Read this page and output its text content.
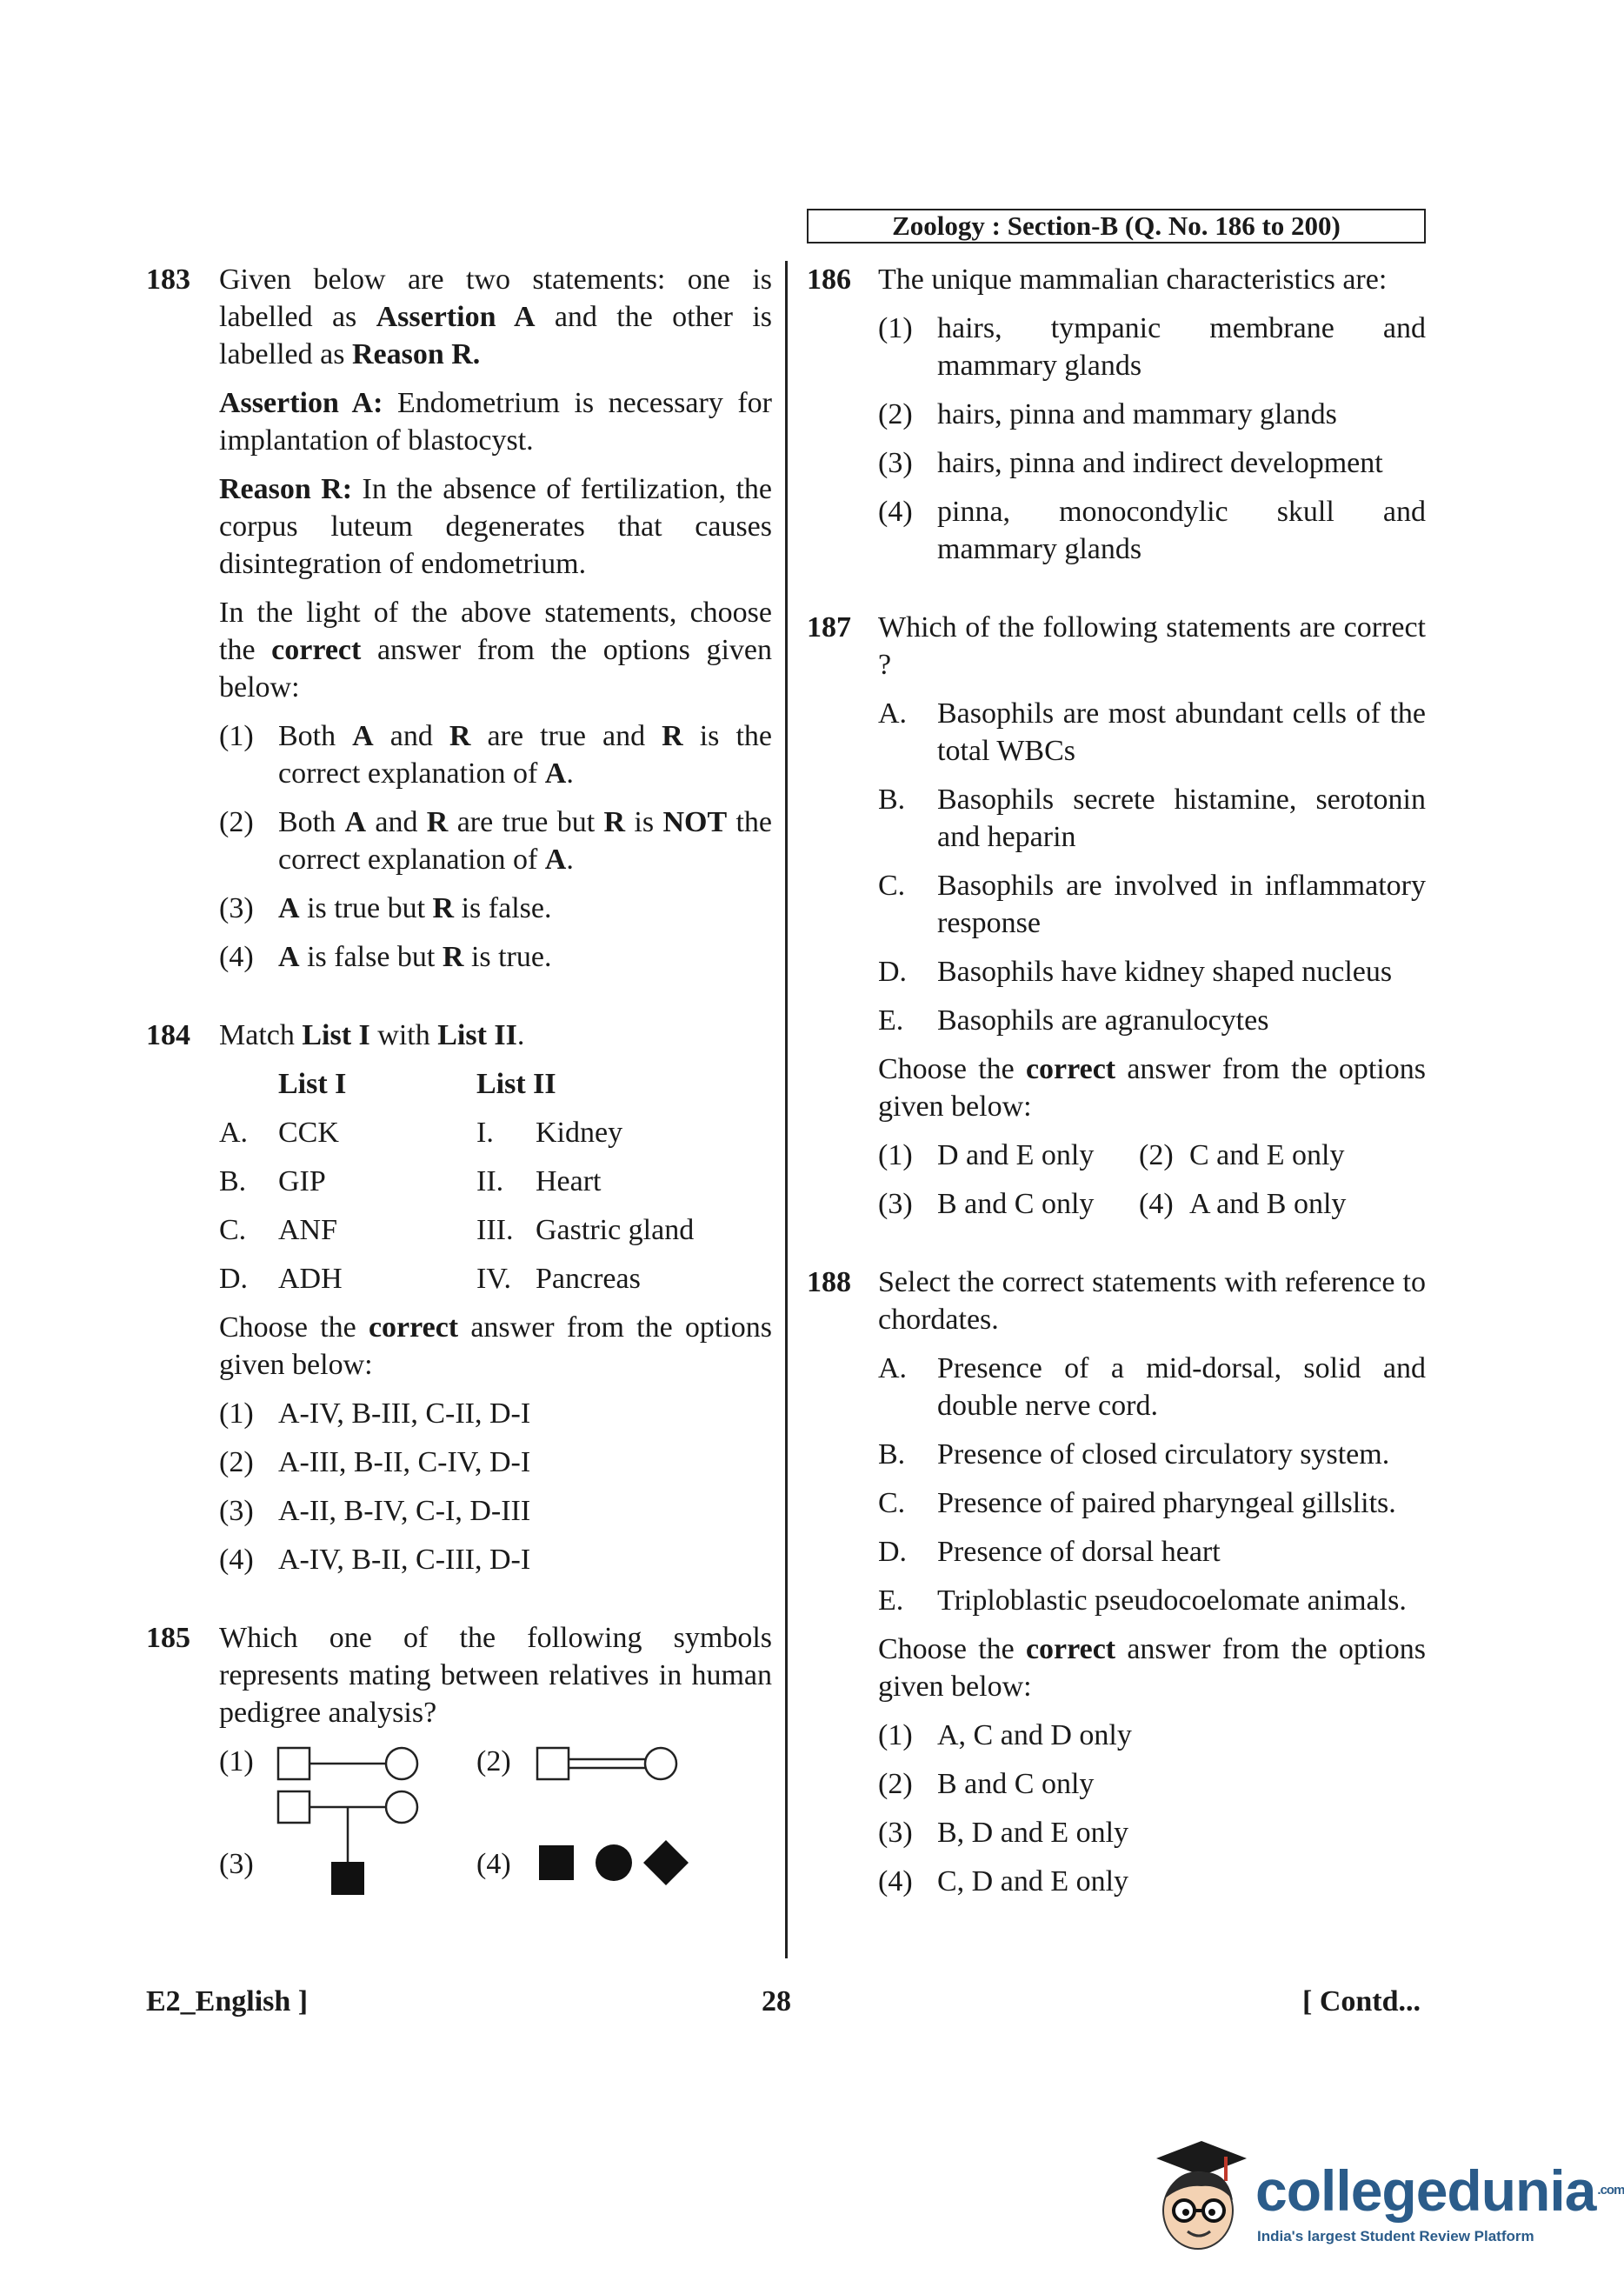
Zoology : Section-B (Q. No. 186 to 200)
183 Given below are two statements: one is labelled as Assertion A and the other is labelled as Reason R.

Assertion A: Endometrium is necessary for implantation of blastocyst.

Reason R: In the absence of fertilization, the corpus luteum degenerates that causes disintegration of endometrium.

In the light of the above statements, choose the correct answer from the options given below:

(1) Both A and R are true and R is the correct explanation of A.
(2) Both A and R are true but R is NOT the correct explanation of A.
(3) A is true but R is false.
(4) A is false but R is true.
184 Match List I with List II.

List I	List II
A.	CCK	I.	Kidney
B.	GIP	II.	Heart
C.	ANF	III. Gastric gland
D.	ADH	IV. Pancreas

Choose the correct answer from the options given below:

(1) A-IV, B-III, C-II, D-I
(2) A-III, B-II, C-IV, D-I
(3) A-II, B-IV, C-I, D-III
(4) A-IV, B-II, C-III, D-I
185 Which one of the following symbols represents mating between relatives in human pedigree analysis?

(1)	(2)
(3)	(4)
186 The unique mammalian characteristics are:

(1) hairs, tympanic membrane and mammary glands
(2) hairs, pinna and mammary glands
(3) hairs, pinna and indirect development
(4) pinna, monocondylic skull and mammary glands
187 Which of the following statements are correct ?

A. Basophils are most abundant cells of the total WBCs
B. Basophils secrete histamine, serotonin and heparin
C. Basophils are involved in inflammatory response
D. Basophils have kidney shaped nucleus
E. Basophils are agranulocytes

Choose the correct answer from the options given below:

(1) D and E only (2) C and E only
(3) B and C only (4) A and B only
188 Select the correct statements with reference to chordates.

A. Presence of a mid-dorsal, solid and double nerve cord.
B. Presence of closed circulatory system.
C. Presence of paired pharyngeal gillslits.
D. Presence of dorsal heart
E. Triploblastic pseudocoelomate animals.

Choose the correct answer from the options given below:

(1) A, C and D only
(2) B and C only
(3) B, D and E only
(4) C, D and E only
E2_English ]	28	[ Contd...
collegedunia $^{.com}$
India's largest Student Review Platform
